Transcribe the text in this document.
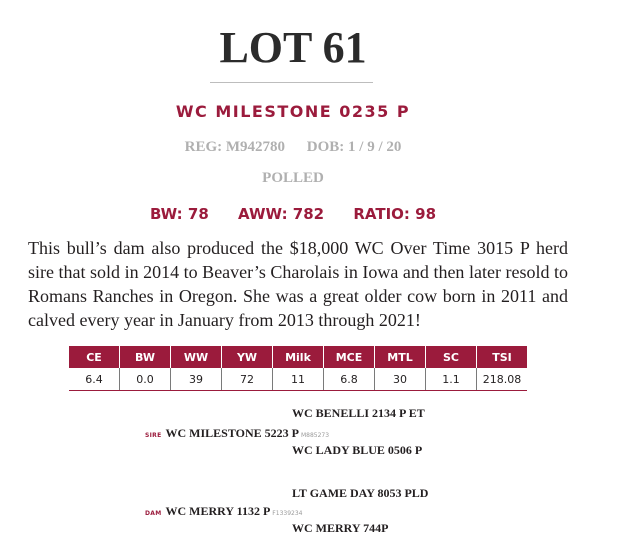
LOT 61
WC MILESTONE 0235 P
REG: M942780 DOB: 1 / 9 / 20
POLLED
BW: 78 AWW: 782 RATIO: 98
This bull’s dam also produced the $18,000 WC Over Time 3015 P herd sire that sold in 2014 to Beaver’s Charolais in Iowa and then later resold to Romans Ranches in Oregon. She was a great older cow born in 2011 and calved every year in January from 2013 through 2021!
CE	BW	WW	YW	Milk	MCE	MTL	SC	TSI
6.4	0.0	39	72	11	6.8	30	1.1	218.08
WC BENELLI 2134 P ET
SIRE WC MILESTONE 5223 P M885273
WC LADY BLUE 0506 P
LT GAME DAY 8053 PLD
DAM WC MERRY 1132 P F1339234
WC MERRY 744P
